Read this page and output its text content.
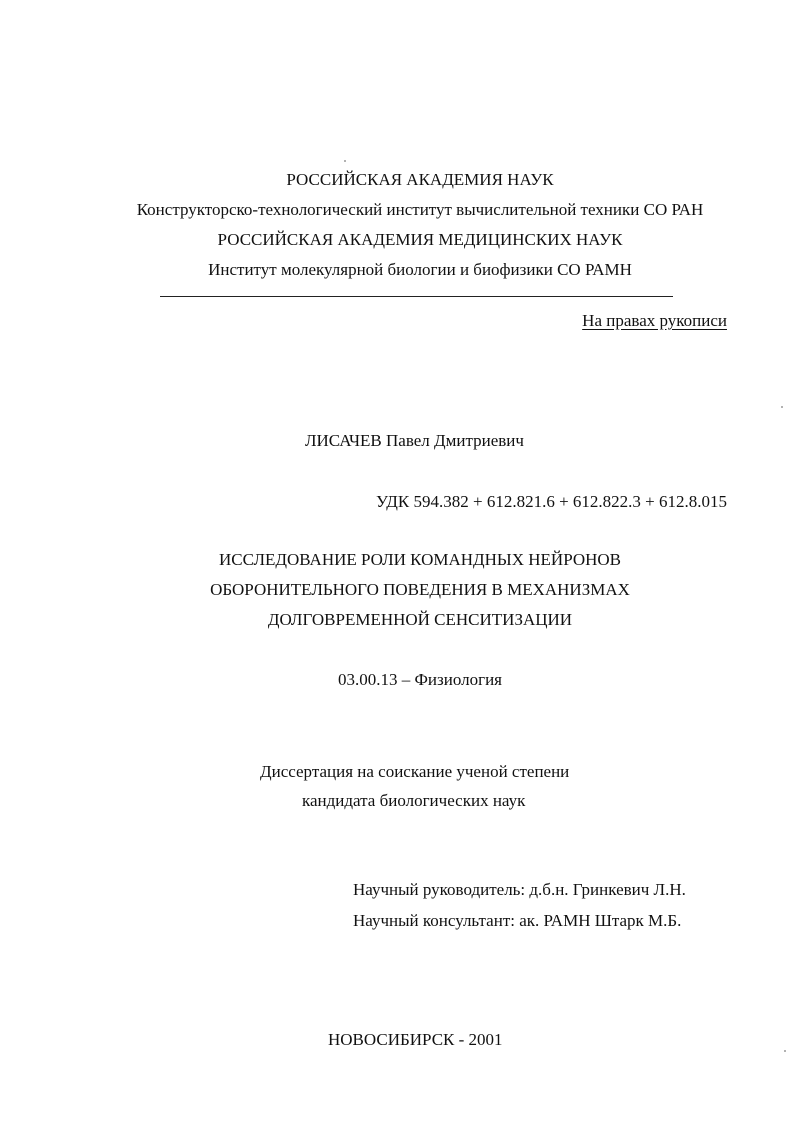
РОССИЙСКАЯ АКАДЕМИЯ НАУК
Конструкторско-технологический институт вычислительной техники СО РАН
РОССИЙСКАЯ АКАДЕМИЯ МЕДИЦИНСКИХ НАУК
Институт молекулярной биологии и биофизики СО РАМН
На правах рукописи
ЛИСАЧЕВ Павел Дмитриевич
УДК 594.382 + 612.821.6 + 612.822.3 + 612.8.015
ИССЛЕДОВАНИЕ РОЛИ КОМАНДНЫХ НЕЙРОНОВ
ОБОРОНИТЕЛЬНОГО ПОВЕДЕНИЯ В МЕХАНИЗМАХ
ДОЛГОВРЕМЕННОЙ СЕНСИТИЗАЦИИ
03.00.13 – Физиология
Диссертация на соискание ученой степени
кандидата биологических наук
Научный руководитель: д.б.н. Гринкевич Л.Н.
Научный консультант: ак. РАМН Штарк М.Б.
НОВОСИБИРСК - 2001
